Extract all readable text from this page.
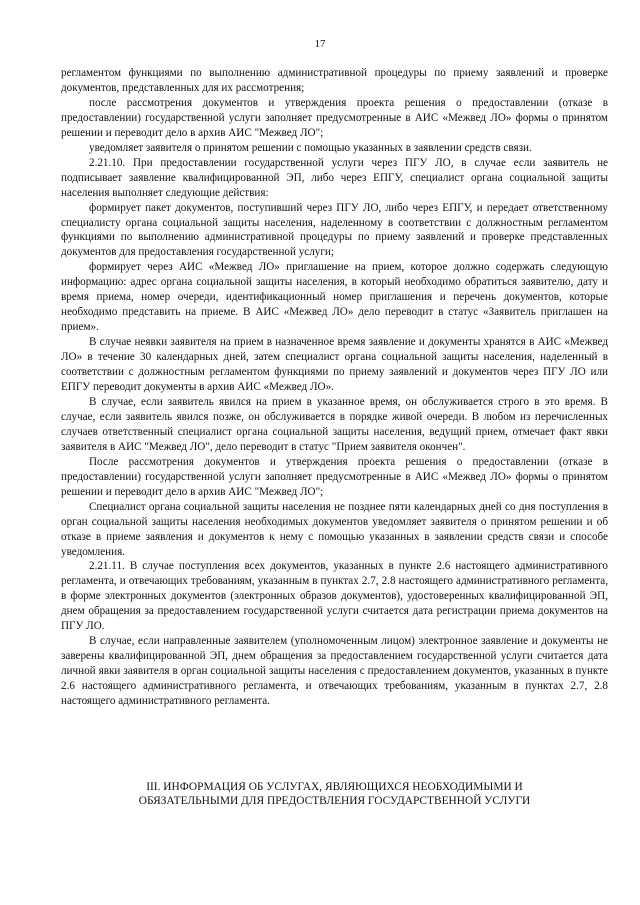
17

регламентом функциями по выполнению административной процедуры по приему заявлений и проверке документов, представленных для их рассмотрения;

после рассмотрения документов и утверждения проекта решения о предоставлении (отказе в предоставлении) государственной услуги заполняет предусмотренные в АИС «Межвед ЛО» формы о принятом решении и переводит дело в архив АИС "Межвед ЛО";

уведомляет заявителя о принятом решении с помощью указанных в заявлении средств связи.

2.21.10. При предоставлении государственной услуги через ПГУ ЛО, в случае если заявитель не подписывает заявление квалифицированной ЭП, либо через ЕПГУ, специалист органа социальной защиты населения выполняет следующие действия:

формирует пакет документов, поступивший через ПГУ ЛО, либо через ЕПГУ, и передает ответственному специалисту органа социальной защиты населения, наделенному в соответствии с должностным регламентом функциями по выполнению административной процедуры по приему заявлений и проверке представленных документов для предоставления государственной услуги;

формирует через АИС «Межвед ЛО» приглашение на прием, которое должно содержать следующую информацию: адрес органа социальной защиты населения, в который необходимо обратиться заявителю, дату и время приема, номер очереди, идентификационный номер приглашения и перечень документов, которые необходимо представить на приеме. В АИС «Межвед ЛО» дело переводит в статус «Заявитель приглашен на прием».

В случае неявки заявителя на прием в назначенное время заявление и документы хранятся в АИС «Межвед ЛО» в течение 30 календарных дней, затем специалист органа социальной защиты населения, наделенный в соответствии с должностным регламентом функциями по приему заявлений и документов через ПГУ ЛО или ЕПГУ переводит документы в архив АИС «Межвед ЛО».

В случае, если заявитель явился на прием в указанное время, он обслуживается строго в это время. В случае, если заявитель явился позже, он обслуживается в порядке живой очереди. В любом из перечисленных случаев ответственный специалист органа социальной защиты населения, ведущий прием, отмечает факт явки заявителя в АИС "Межвед ЛО", дело переводит в статус "Прием заявителя окончен".

После рассмотрения документов и утверждения проекта решения о предоставлении (отказе в предоставлении) государственной услуги заполняет предусмотренные в АИС «Межвед ЛО» формы о принятом решении и переводит дело в архив АИС "Межвед ЛО";

Специалист органа социальной защиты населения не позднее пяти календарных дней со дня поступления в орган социальной защиты населения необходимых документов уведомляет заявителя о принятом решении и об отказе в приеме заявления и документов к нему с помощью указанных в заявлении средств связи и способе уведомления.

2.21.11. В случае поступления всех документов, указанных в пункте 2.6 настоящего административного регламента, и отвечающих требованиям, указанным в пунктах 2.7, 2.8 настоящего административного регламента, в форме электронных документов (электронных образов документов), удостоверенных квалифицированной ЭП, днем обращения за предоставлением государственной услуги считается дата регистрации приема документов на ПГУ ЛО.

В случае, если направленные заявителем (уполномоченным лицом) электронное заявление и документы не заверены квалифицированной ЭП, днем обращения за предоставлением государственной услуги считается дата личной явки заявителя в орган социальной защиты населения с предоставлением документов, указанных в пункте 2.6 настоящего административного регламента, и отвечающих требованиям, указанным в пунктах 2.7, 2.8 настоящего административного регламента.

III. ИНФОРМАЦИЯ ОБ УСЛУГАХ, ЯВЛЯЮЩИХСЯ НЕОБХОДИМЫМИ И
ОБЯЗАТЕЛЬНЫМИ ДЛЯ ПРЕДОСТВЛЕНИЯ ГОСУДАРСТВЕННОЙ УСЛУГИ
